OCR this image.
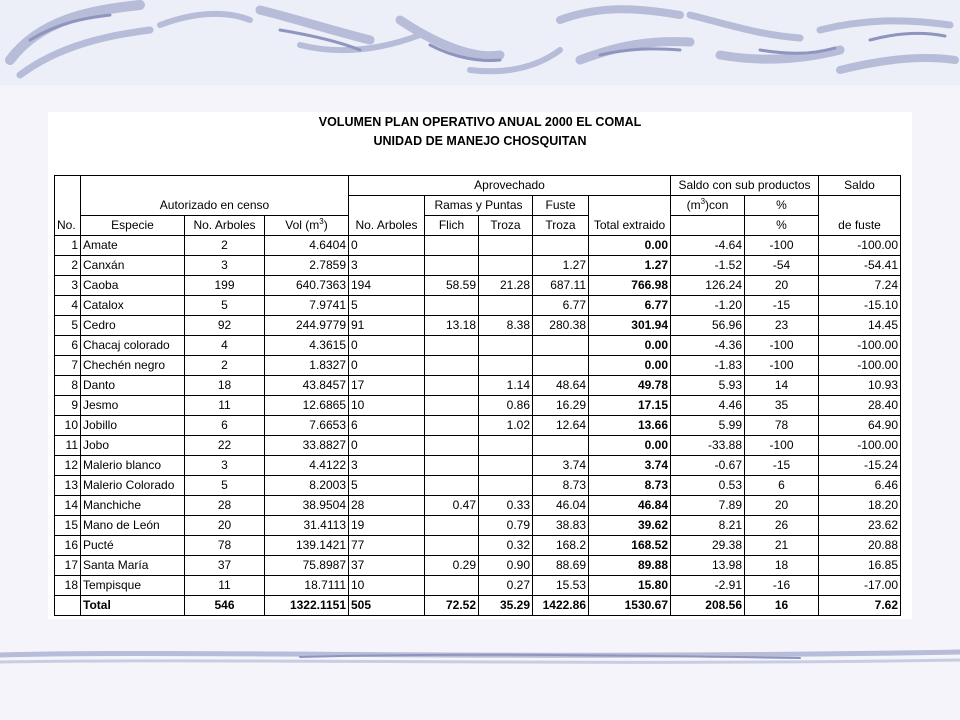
VOLUMEN PLAN OPERATIVO ANUAL 2000 EL COMAL
UNIDAD DE MANEJO CHOSQUITAN
				Aprovechado					Saldo con sub productos		Saldo
	Autorizado en censo				Ramas y Puntas		Fuste		$(m^3)con$	%	
No.	Especie	No. Arboles	Vol $(m^3)$	No. Arboles	Flich	Troza	Troza	Total extraido		%	de fuste
1	Amate	2	4.6404	0				0.00	-4.64	-100	-100.00
2	Canxán	3	2.7859	3			1.27	1.27	-1.52	-54	-54.41
3	Caoba	199	640.7363	194	58.59	21.28	687.11	766.98	126.24	20	7.24
4	Catalox	5	7.9741	5			6.77	6.77	-1.20	-15	-15.10
5	Cedro	92	244.9779	91	13.18	8.38	280.38	301.94	56.96	23	14.45
6	Chacaj colorado	4	4.3615	0				0.00	-4.36	-100	-100.00
7	Chechén negro	2	1.8327	0				0.00	-1.83	-100	-100.00
8	Danto	18	43.8457	17		1.14	48.64	49.78	5.93	14	10.93
9	Jesmo	11	12.6865	10		0.86	16.29	17.15	4.46	35	28.40
10	Jobillo	6	7.6653	6		1.02	12.64	13.66	5.99	78	64.90
11	Jobo	22	33.8827	0				0.00	-33.88	-100	-100.00
12	Malerio blanco	3	4.4122	3			3.74	3.74	-0.67	-15	-15.24
13	Malerio Colorado	5	8.2003	5			8.73	8.73	0.53	6	6.46
14	Manchiche	28	38.9504	28	0.47	0.33	46.04	46.84	7.89	20	18.20
15	Mano de León	20	31.4113	19		0.79	38.83	39.62	8.21	26	23.62
16	Pucté	78	139.1421	77		0.32	168.2	168.52	29.38	21	20.88
17	Santa María	37	75.8987	37	0.29	0.90	88.69	89.88	13.98	18	16.85
18	Tempisque	11	18.7111	10		0.27	15.53	15.80	-2.91	-16	-17.00
	Total	546	1322.1151	505	72.52	35.29	1422.86	1530.67	208.56	16	7.62
